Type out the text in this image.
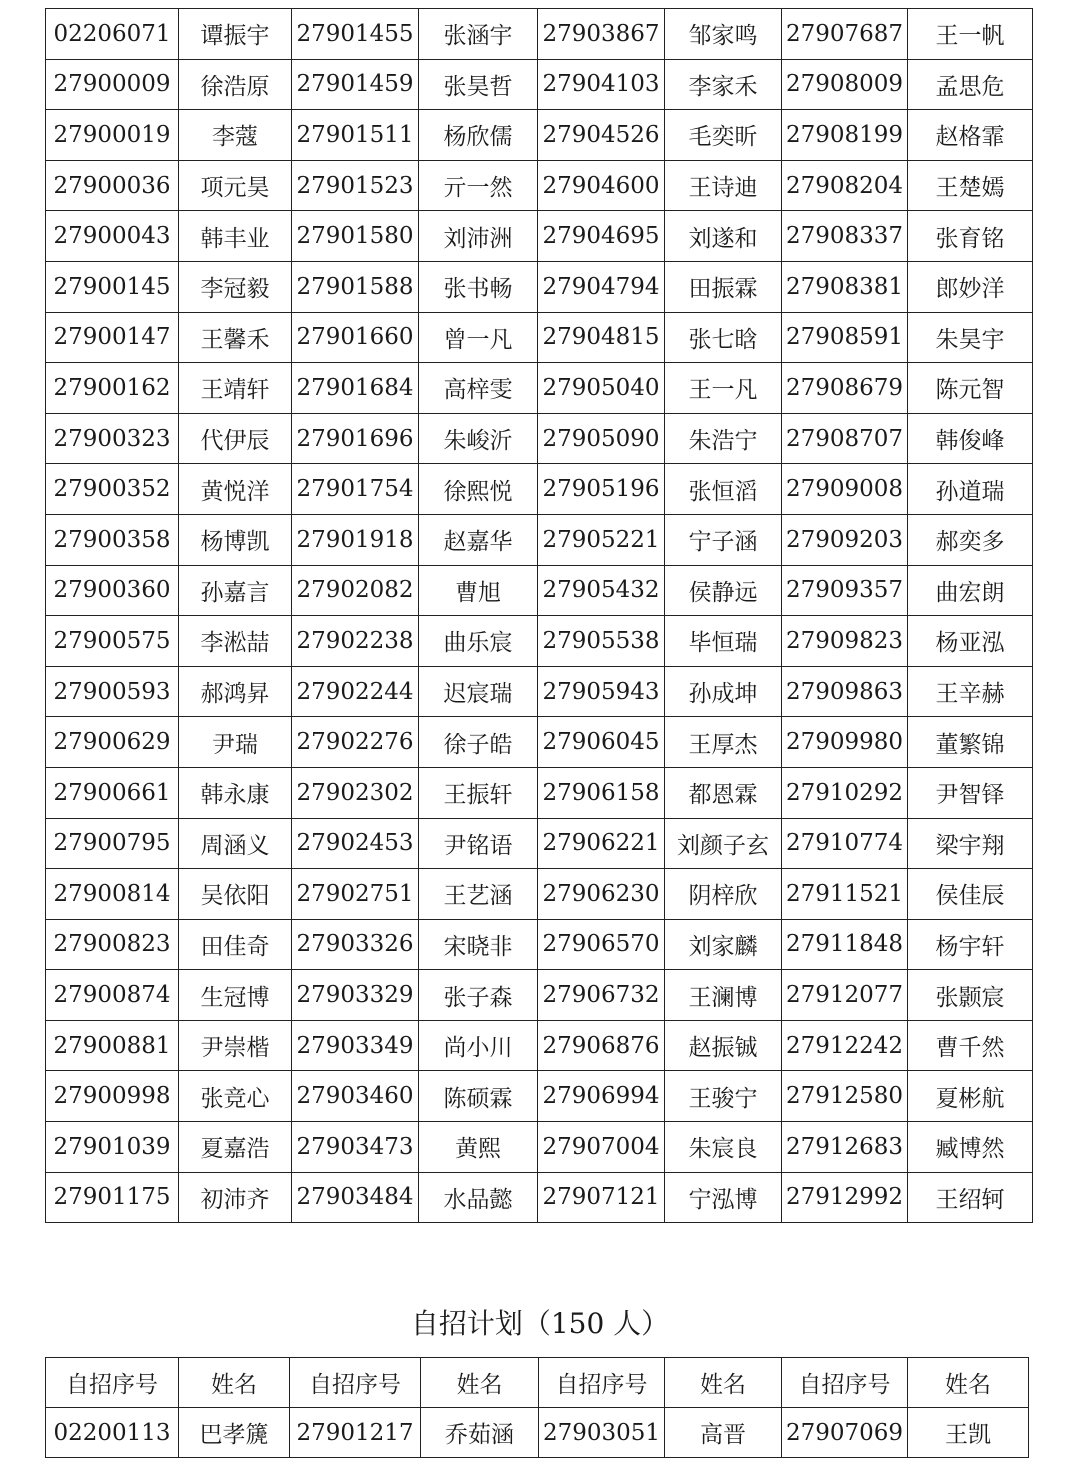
02206071	谭振宇	27901455	张涵宇	27903867	邹家鸣	27907687	王一帆
27900009	徐浩原	27901459	张昊哲	27904103	李家禾	27908009	孟思危
27900019	李蔻	27901511	杨欣儒	27904526	毛奕昕	27908199	赵格霏
27900036	项元昊	27901523	亓一然	27904600	王诗迪	27908204	王楚嫣
27900043	韩丰业	27901580	刘沛洲	27904695	刘遂和	27908337	张育铭
27900145	李冠毅	27901588	张书畅	27904794	田振霖	27908381	郎妙洋
27900147	王馨禾	27901660	曾一凡	27904815	张七晗	27908591	朱昊宇
27900162	王靖轩	27901684	高梓雯	27905040	王一凡	27908679	陈元智
27900323	代伊辰	27901696	朱峻沂	27905090	朱浩宁	27908707	韩俊峰
27900352	黄悦洋	27901754	徐熙悦	27905196	张恒滔	27909008	孙道瑞
27900358	杨博凯	27901918	赵嘉华	27905221	宁子涵	27909203	郝奕多
27900360	孙嘉言	27902082	曹旭	27905432	侯静远	27909357	曲宏朗
27900575	李淞喆	27902238	曲乐宸	27905538	毕恒瑞	27909823	杨亚泓
27900593	郝鸿昇	27902244	迟宸瑞	27905943	孙成坤	27909863	王辛赫
27900629	尹瑞	27902276	徐子皓	27906045	王厚杰	27909980	董繁锦
27900661	韩永康	27902302	王振轩	27906158	都恩霖	27910292	尹智铎
27900795	周涵义	27902453	尹铭语	27906221	刘颜子玄	27910774	梁宇翔
27900814	吴依阳	27902751	王艺涵	27906230	阴梓欣	27911521	侯佳辰
27900823	田佳奇	27903326	宋晓非	27906570	刘家麟	27911848	杨宇轩
27900874	生冠博	27903329	张子森	27906732	王澜博	27912077	张颢宸
27900881	尹崇楷	27903349	尚小川	27906876	赵振铖	27912242	曹千然
27900998	张竞心	27903460	陈硕霖	27906994	王骏宁	27912580	夏彬航
27901039	夏嘉浩	27903473	黄熙	27907004	朱宸良	27912683	臧博然
27901175	初沛齐	27903484	水品懿	27907121	宁泓博	27912992	王绍轲
自招计划（150 人）
自招序号	姓名	自招序号	姓名	自招序号	姓名	自招序号	姓名
02200113	巴孝篪	27901217	乔茹涵	27903051	高晋	27907069	王凯
